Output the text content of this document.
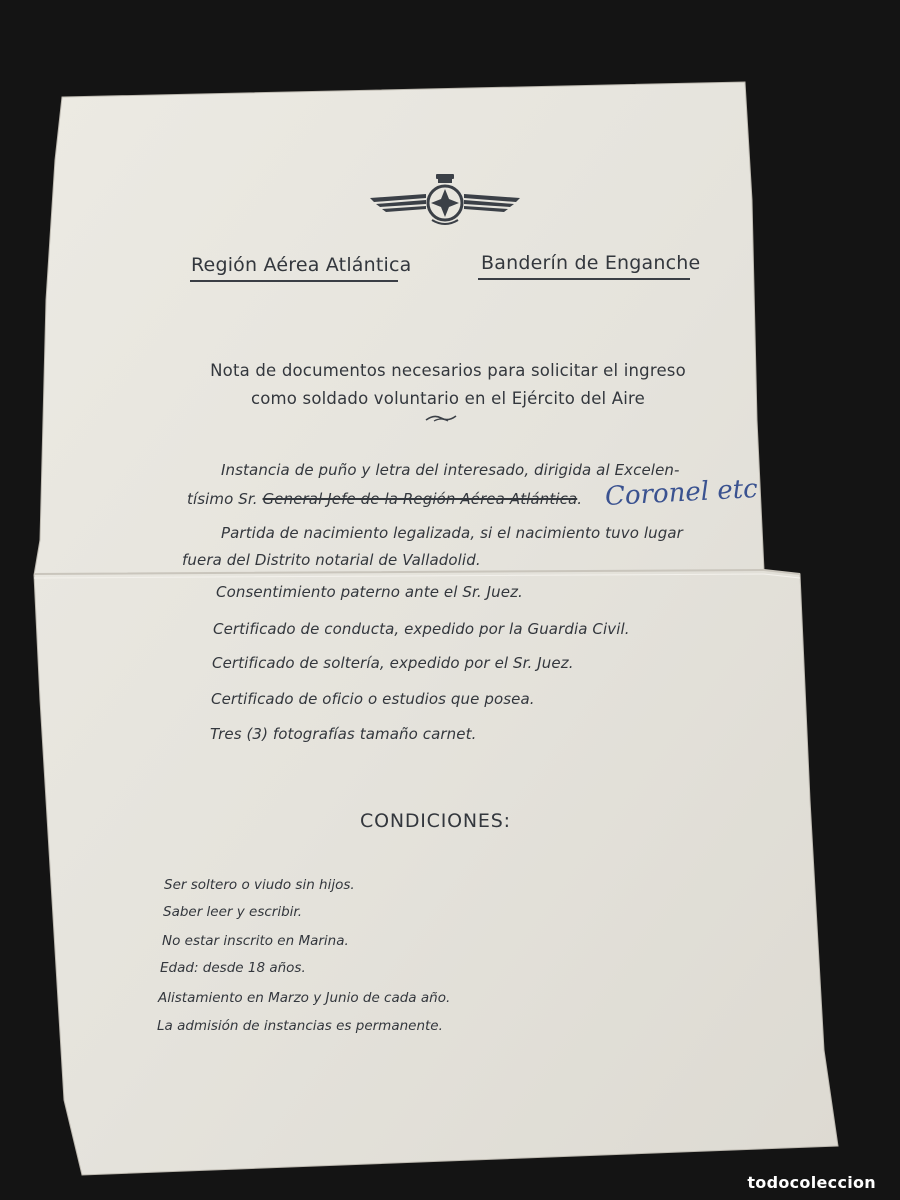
Región Aérea Atlántica	Banderín de Enganche
Nota de documentos necesarios para solicitar el ingreso
como soldado voluntario en el Ejército del Aire
Instancia de puño y letra del interesado, dirigida al Excelen-
tísimo Sr. General Jefe de la Región Aérea Atlántica. Coronel etc
Partida de nacimiento legalizada, si el nacimiento tuvo lugar
fuera del Distrito notarial de Valladolid.
Consentimiento paterno ante el Sr. Juez.
Certificado de conducta, expedido por la Guardia Civil.
Certificado de soltería, expedido por el Sr. Juez.
Certificado de oficio o estudios que posea.
Tres (3) fotografías tamaño carnet.
CONDICIONES:
Ser soltero o viudo sin hijos.
Saber leer y escribir.
No estar inscrito en Marina.
Edad: desde 18 años.
Alistamiento en Marzo y Junio de cada año.
La admisión de instancias es permanente.
todocoleccion
